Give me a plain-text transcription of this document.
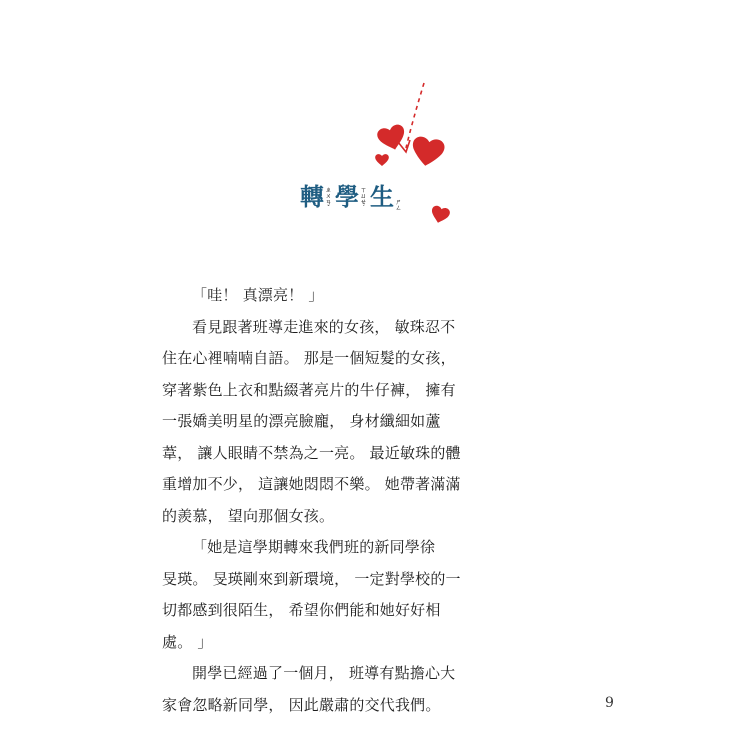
轉 ㄓㄨㄢˇ 學 ㄒㄩㄝˊ 生 ㄕㄥ
「哇！ 真漂亮！ 」
看見跟著班導走進來的女孩， 敏珠忍不
住在心裡喃喃自語。 那是一個短髮的女孩，
穿著紫色上衣和點綴著亮片的牛仔褲， 擁有
一張嬌美明星的漂亮臉龐， 身材纖細如蘆
葦， 讓人眼睛不禁為之一亮。 最近敏珠的體
重增加不少， 這讓她悶悶不樂。 她帶著滿滿
的羨慕， 望向那個女孩。
「她是這學期轉來我們班的新同學徐
旻瑛。 旻瑛剛來到新環境， 一定對學校的一
切都感到很陌生， 希望你們能和她好好相
處。 」
開學已經過了一個月， 班導有點擔心大
家會忽略新同學， 因此嚴肅的交代我們。	9
